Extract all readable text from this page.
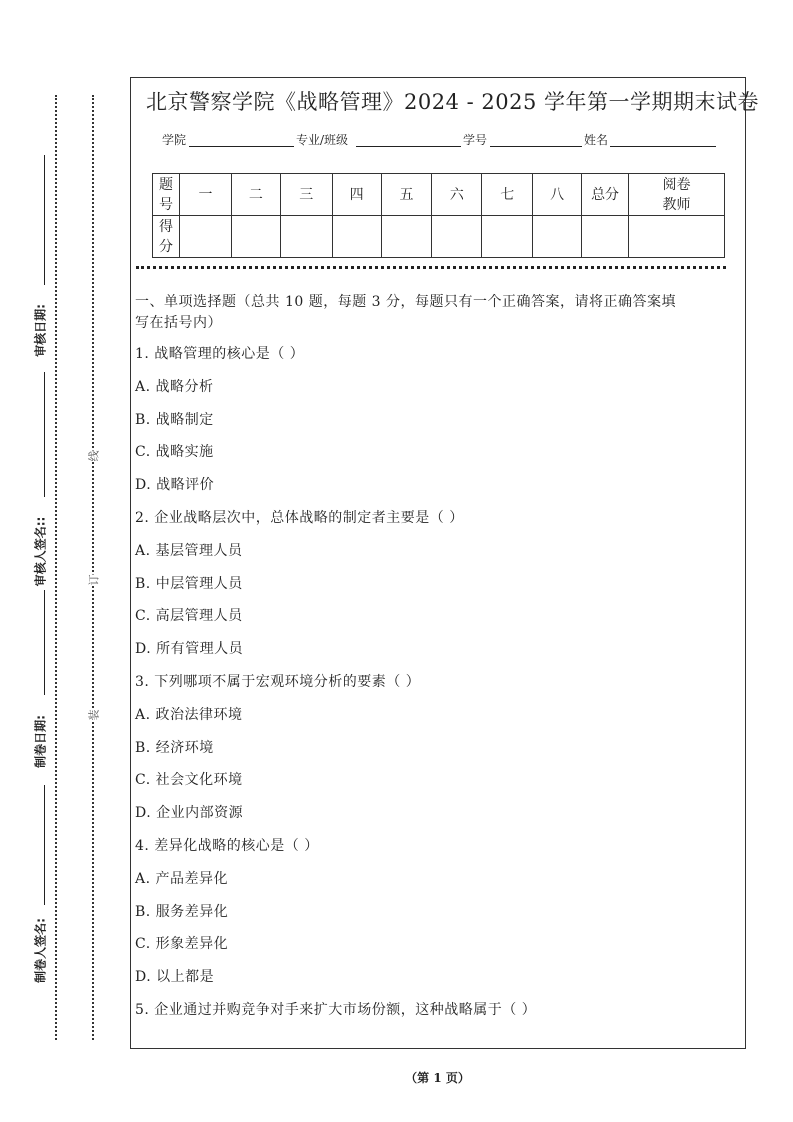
审核日期:
审核人签名::
制卷日期:
制卷人签名:
线
订
装
北京警察学院《战略管理》2024 - 2025 学年第一学期期末试卷
学院	专业/班级	学号	姓名
题
号	一	二	三	四	五	六	七	八	总分	阅卷
教师
得
分										
一、单项选择题（总共 10 题，每题 3 分，每题只有一个正确答案，请将正确答案填
写在括号内）
1. 战略管理的核心是（ ）
A. 战略分析
B. 战略制定
C. 战略实施
D. 战略评价
2. 企业战略层次中，总体战略的制定者主要是（ ）
A. 基层管理人员
B. 中层管理人员
C. 高层管理人员
D. 所有管理人员
3. 下列哪项不属于宏观环境分析的要素（ ）
A. 政治法律环境
B. 经济环境
C. 社会文化环境
D. 企业内部资源
4. 差异化战略的核心是（ ）
A. 产品差异化
B. 服务差异化
C. 形象差异化
D. 以上都是
5. 企业通过并购竞争对手来扩大市场份额，这种战略属于（ ）
（第 1 页）
